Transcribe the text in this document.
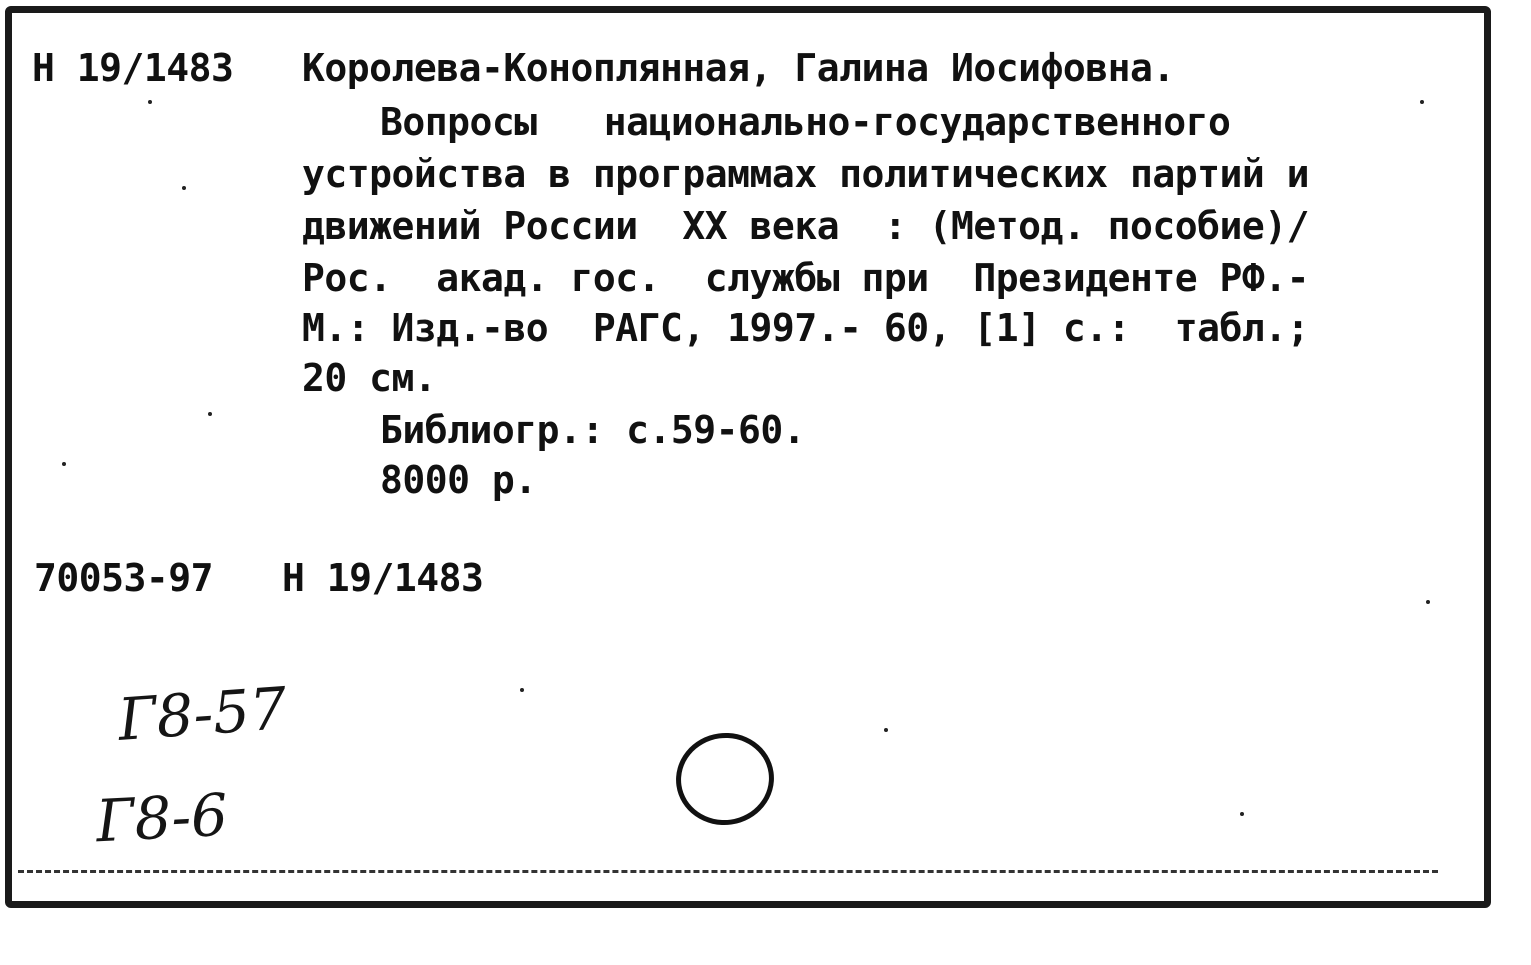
Н 19/1483 Королева-Коноплянная, Галина Иосифовна.
Вопросы   национально-государственного
устройства в программах политических партий и
движений России  XX века  : (Метод. пособие)/
Рос.  акад. гос.  службы при  Президенте РФ.-
М.: Изд.-во  РАГС, 1997.- 60, [1] с.:  табл.;
20 см.
Библиогр.: с.59-60.
8000 р.
70053-97 Н 19/1483
Г8-57
Г8-6
